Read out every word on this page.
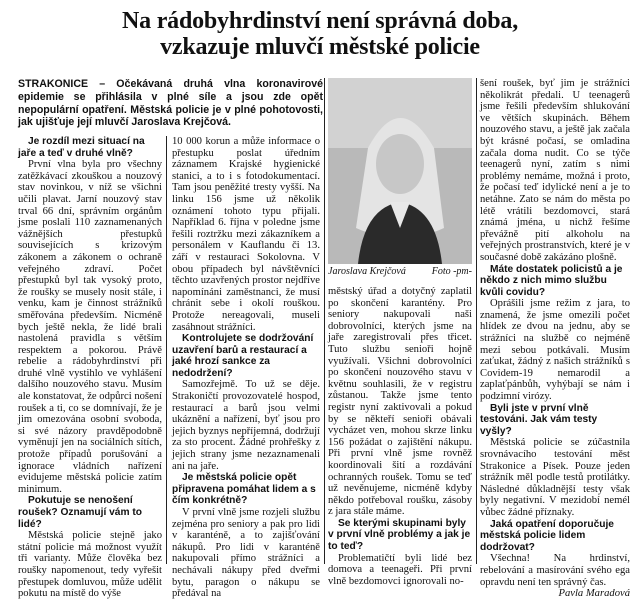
Na rádobyhrdinství není správná doba,
vzkazuje mluvčí městské policie
STRAKONICE – Očekávaná druhá vlna koronavirové epidemie se přihlásila v plné síle a jsou zde opět nepopulární opatření. Městská policie je v plné pohotovosti, jak ujišťuje její mluvčí Jaroslava Krejčová.

Je rozdíl mezi situací na jaře a teď v druhé vlně?

První vlna byla pro všechny zatěžkávací zkouškou a nouzový stav novinkou, v níž se všichni učili plavat. Jarní nouzový stav trval 66 dní, správním orgánům jsme poslali 110 zaznamenaných vážnějších přestupků souvisejících s krizovým zákonem a zákonem o ochraně veřejného zdraví. Počet přestupků byl tak vysoký proto, že roušky se musely nosit stále, i venku, kam je činnost strážníků směřována především. Nicméně bych ještě nekla, že lidé brali nastolená pravidla s větším respektem a pokorou. Právě rebelie a rádobyhrdinství při druhé vlně vystihlo ve vyhlášení dalšího nouzového stavu. Musím ale konstatovat, že odpůrci nošení roušek a ti, co se domnívají, že je jim omezována osobní svoboda, si své názory pravděpodobně vyměnují jen na sociálních sítích, protože případů porušování a ignorace vládních nařízení evidujeme městská policie zatím minimum.

Pokutuje se nenošení roušek? Oznamují vám to lidé?

Městská policie stejně jako státní policie má možnost využít tři varianty. Může člověka bez roušky napomenout, tedy vyřešit přestupek domluvou, může udělit pokutu na místě do výše

10 000 korun a může informace o přestupku poslat úředním záznamem Krajské hygienické stanici, a to i s fotodokumentací. Tam jsou peněžité tresty vyšší. Na linku 156 jsme už několik oznámení tohoto typu přijali. Například 6. října v poledne jsme řešili roztržku mezi zákazníkem a personálem v Kauflandu či 13. září v restauraci Sokolovna. V obou případech byl návštěvníci těchto uzavřených prostor nejdříve napomínáni zaměstnanci, že musí chránit sebe i okolí rouškou. Protože nereagovali, museli zasáhnout strážníci.

Kontrolujete se dodržování uzavření barů a restaurací a jaké hrozí sankce za nedodržení?

Samozřejmě. To už se děje. Strakoničtí provozovatelé hospod, restaurací a barů jsou velmi ukáznění a nařízení, byť jsou pro jejich byznys nepříjemná, dodržují za sto procent. Žádné prohřešky z jejich strany jsme nezaznamenali ani na jaře.

Je městská policie opět připravena pomáhat lidem a s čím konkrétně?

V první vlně jsme rozjeli službu zejména pro seniory a pak pro lidi v karanténě, a to zajišťování nákupů. Pro lidi v karanténě nakupovali přímo strážníci a nechávali nákupy před dveřmi bytu, paragon o nákupu se předával na

Jaroslava Krejčová	Foto -pm-

městský úřad a dotyčný zaplatil po skončení karantény. Pro seniory nakupovali naši dobrovolníci, kterých jsme na jaře zaregistrovali přes třicet. Tuto službu senioři hojně využívali. Všichni dobrovolníci po skončení nouzového stavu v květnu souhlasili, že v registru zůstanou. Takže jsme tento registr nyní zaktivovali a pokud by se někteří senioři obávali vycházet ven, mohou skrze linku 156 požádat o zajištění nákupu. Při první vlně jsme rovněž koordinovali šití a rozdávání ochranných roušek. Tomu se teď už nevěnujeme, nicméně kdyby někdo potřeboval roušku, zásoby z jara stále máme.

Se kterými skupinami byly v první vlně problémy a jak je to teď?

Problematičtí byli lidé bez domova a teenageři. Při první vlně bezdomovci ignorovali no-

šení roušek, byť jim je strážníci několikrát předali. U teenagerů jsme řešili především shlukování ve větších skupinách. Během nouzového stavu, a ještě jak začala být krásné počasí, se omladina začala doma nudit. Co se týče teenagerů nyní, zatím s nimi problémy nemáme, možná i proto, že počasí teď idylické není a je to netáhne. Zato se nám do města po létě vrátili bezdomovci, stará známá jména, u nichž řešíme převážně pití alkoholu na veřejných prostranstvích, které je v současné době zakázáno plošně.

Máte dostatek policistů a je někdo z nich mimo službu kvůli covidu?

Oprášili jsme režim z jara, to znamená, že jsme omezili počet hlídek ze dvou na jednu, aby se strážníci na službě co nejméně mezi sebou potkávali. Musím zaťukat, žádný z našich strážníků s Covidem-19 nemarodil a zaplaťpánbůh, vyhýbají se nám i podzimní virózy.

Byli jste v první vlně testováni. Jak vám testy vyšly?

Městská policie se zúčastnila srovnávacího testování měst Strakonice a Písek. Pouze jeden strážník měl podle testů protilátky. Následné důkladnější testy však byly negativní. V mezidobí nemél vůbec žádné příznaky.

Jaká opatření doporučuje městská policie lidem dodržovat?

Všechna! Na hrdinství, rebelování a masírování svého ega opravdu není ten správný čas.

Pavla Maradová
